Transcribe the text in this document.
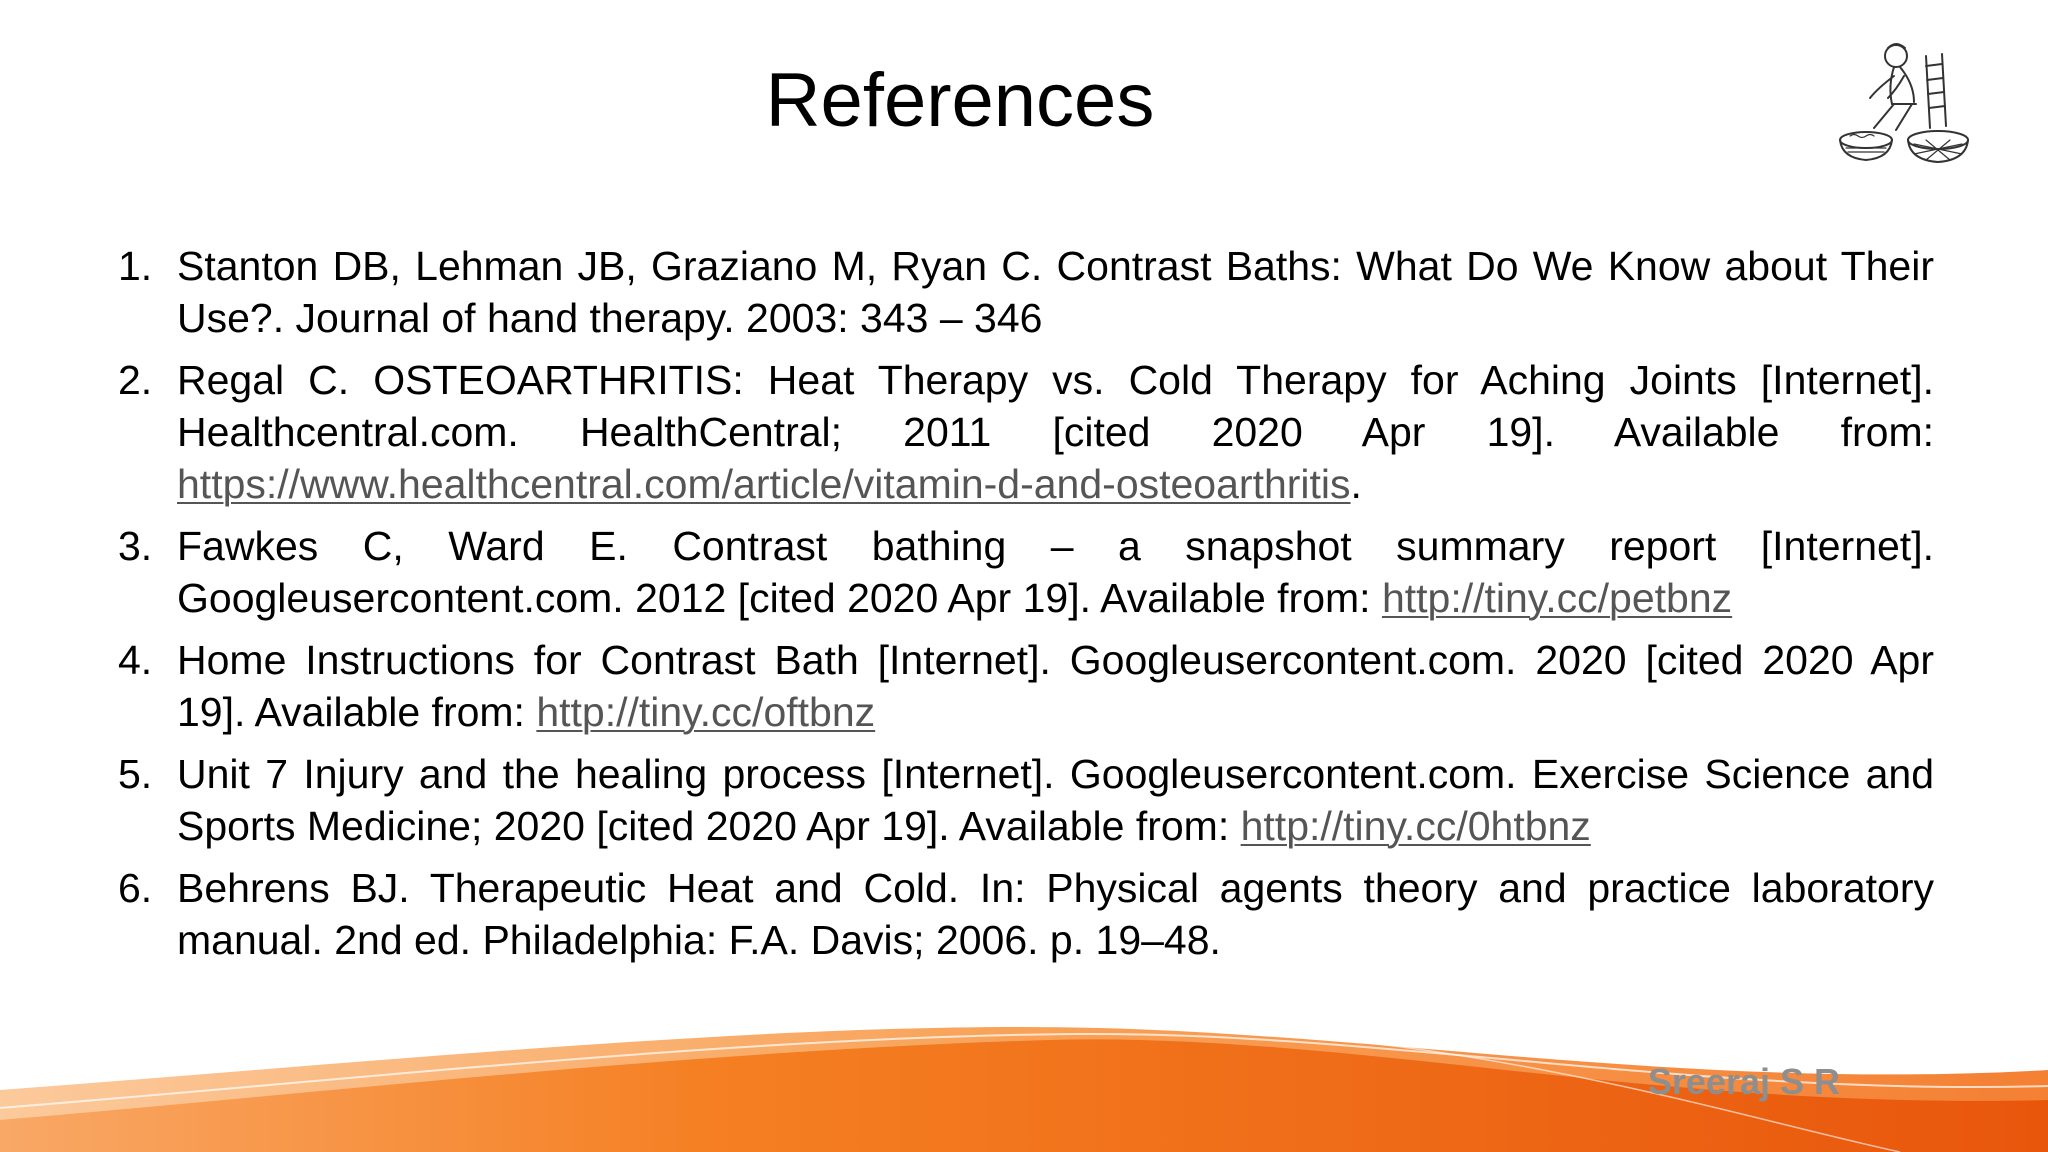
References
1. Stanton DB, Lehman JB, Graziano M, Ryan C. Contrast Baths: What Do We Know about Their Use?. Journal of hand therapy. 2003: 343 – 346
2. Regal C. OSTEOARTHRITIS: Heat Therapy vs. Cold Therapy for Aching Joints [Internet]. Healthcentral.com. HealthCentral; 2011 [cited 2020 Apr 19]. Available from: https://www.healthcentral.com/article/vitamin-d-and-osteoarthritis.
3. Fawkes C, Ward E. Contrast bathing – a snapshot summary report [Internet]. Googleusercontent.com. 2012 [cited 2020 Apr 19]. Available from: http://tiny.cc/petbnz
4. Home Instructions for Contrast Bath [Internet]. Googleusercontent.com. 2020 [cited 2020 Apr 19]. Available from: http://tiny.cc/oftbnz
5. Unit 7 Injury and the healing process [Internet]. Googleusercontent.com. Exercise Science and Sports Medicine; 2020 [cited 2020 Apr 19]. Available from: http://tiny.cc/0htbnz
6. Behrens BJ. Therapeutic Heat and Cold. In: Physical agents theory and practice laboratory manual. 2nd ed. Philadelphia: F.A. Davis; 2006. p. 19–48.
Sreeraj S R
